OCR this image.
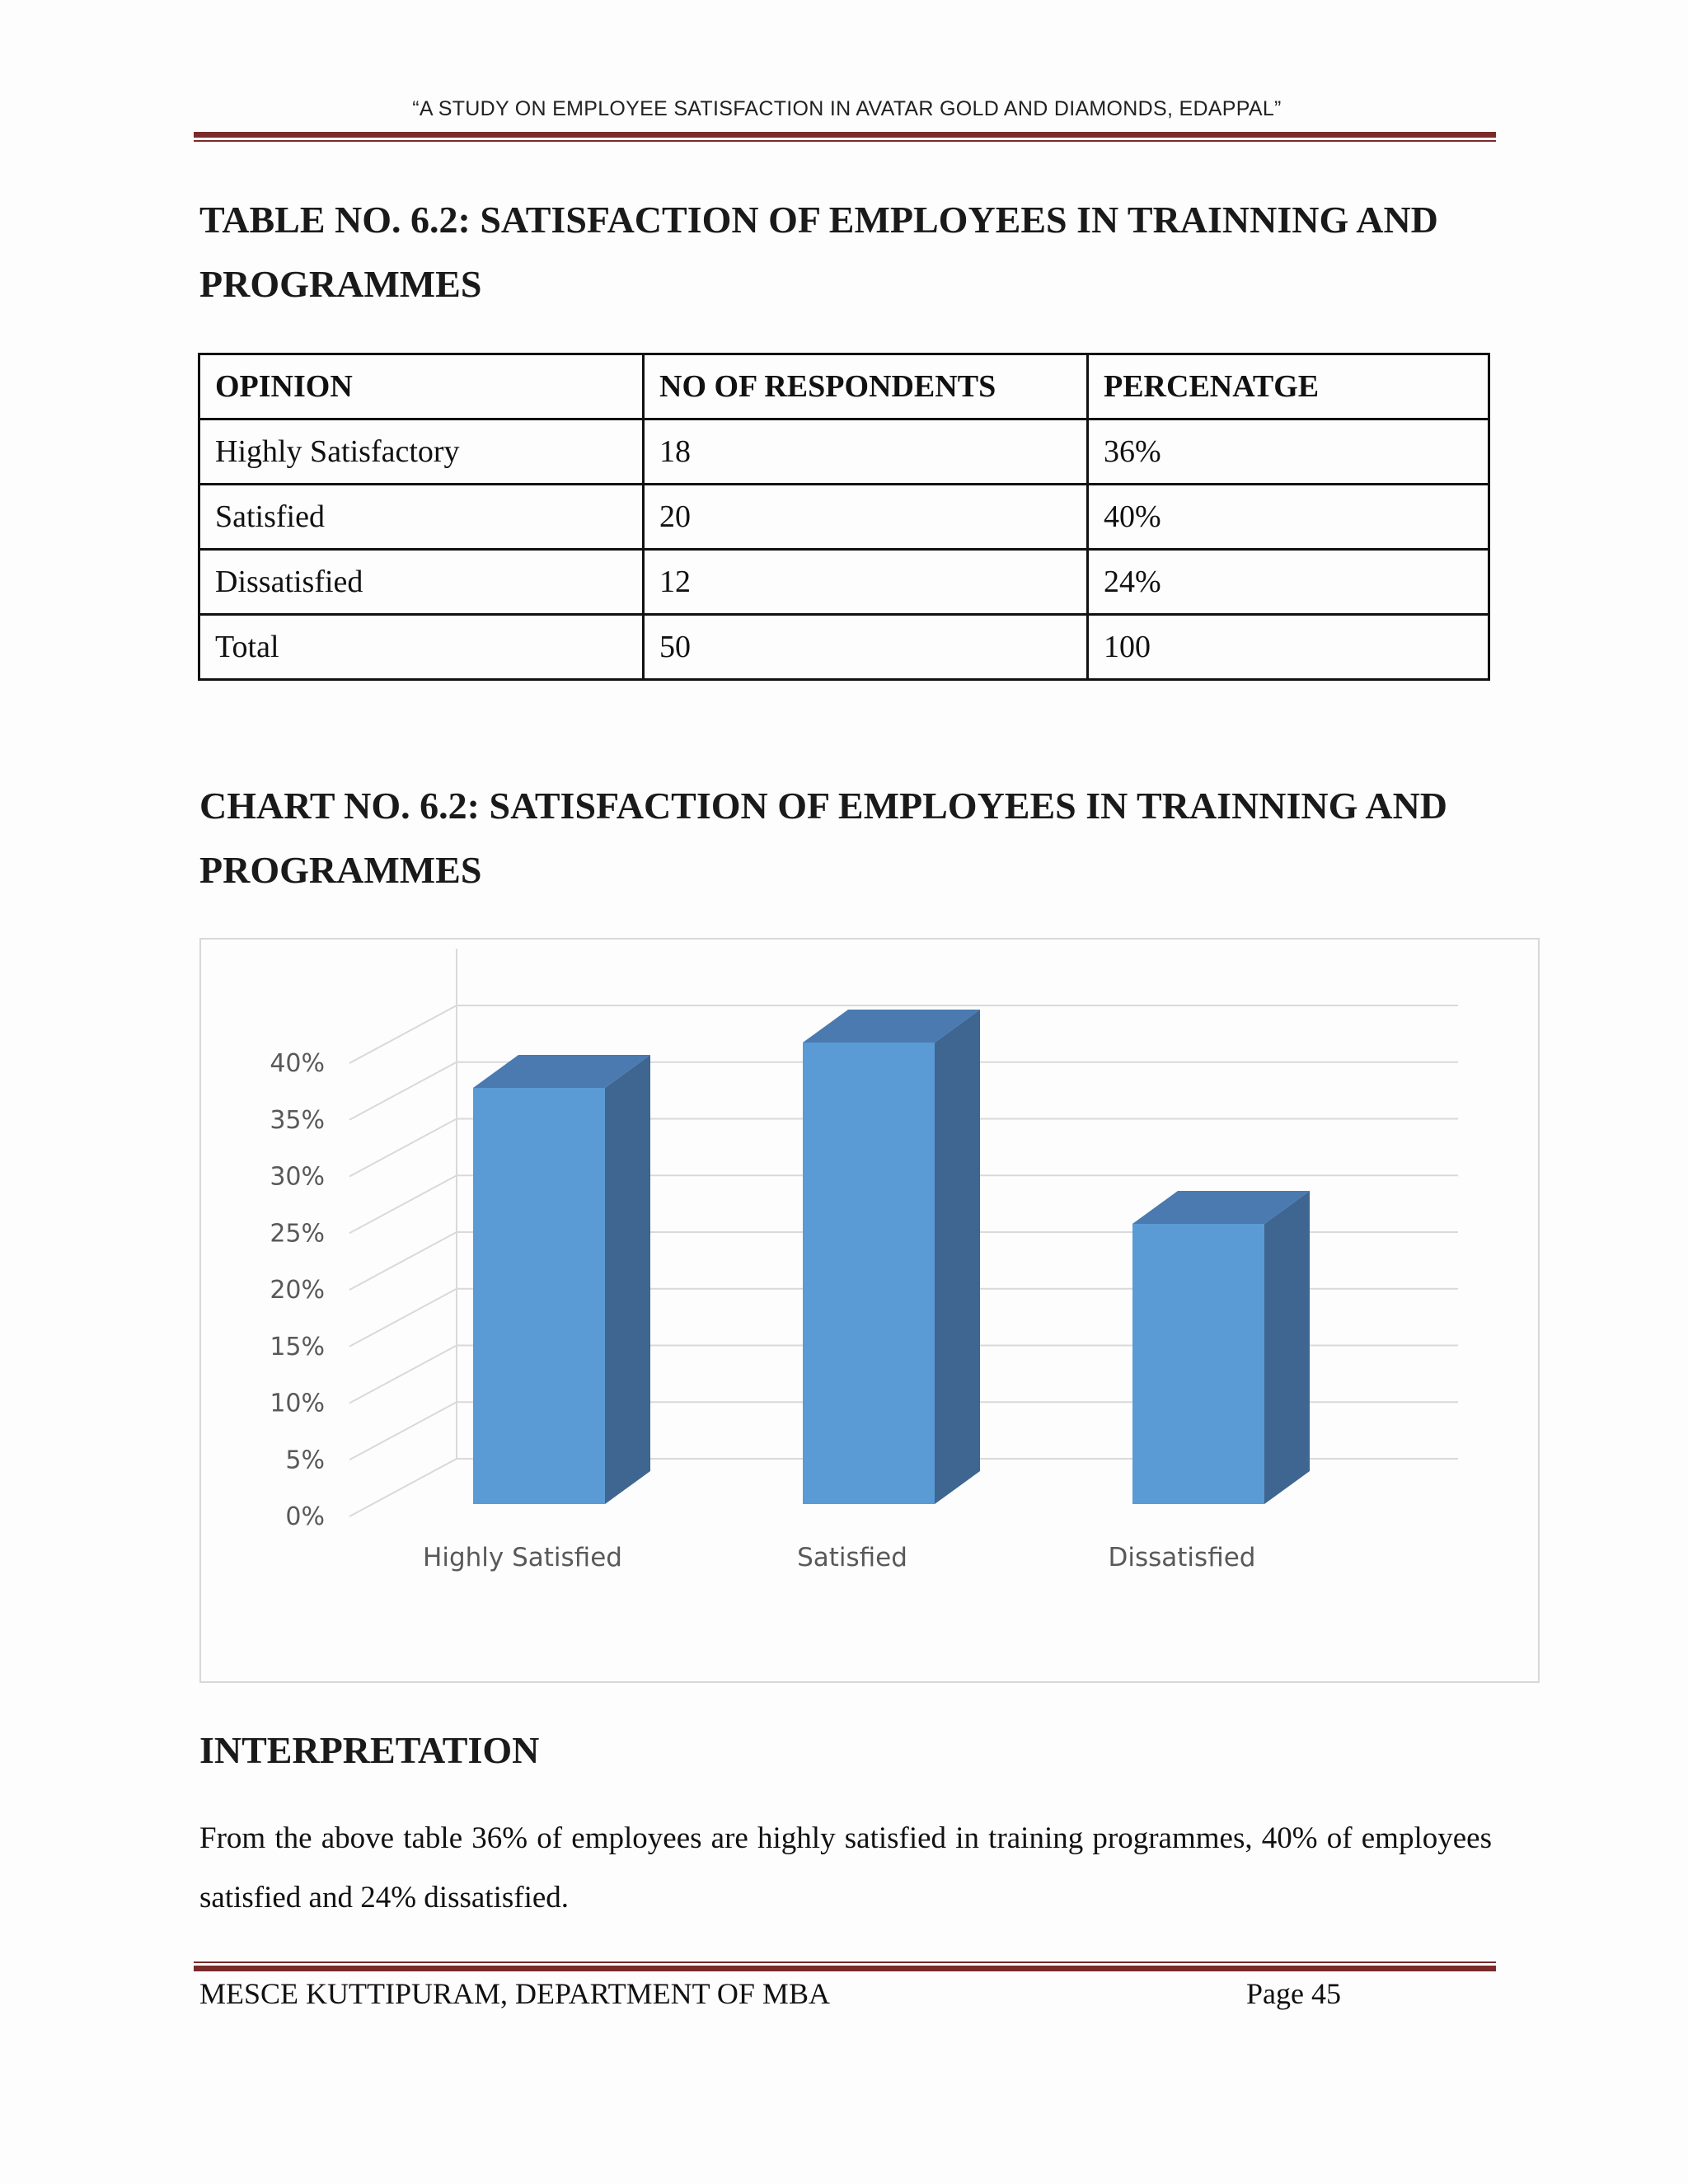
“A STUDY ON EMPLOYEE SATISFACTION IN AVATAR GOLD AND DIAMONDS, EDAPPAL”
TABLE NO. 6.2: SATISFACTION OF EMPLOYEES IN TRAINNING AND PROGRAMMES
OPINION	NO OF RESPONDENTS	PERCENATGE
Highly Satisfactory	18	36%
Satisfied	20	40%
Dissatisfied	12	24%
Total	50	100
CHART NO. 6.2: SATISFACTION OF EMPLOYEES IN TRAINNING AND PROGRAMMES
0%
5%
10%
15%
20%
25%
30%
35%
40%
Highly Satisfied	Satisfied	Dissatisfied
INTERPRETATION

From the above table 36% of employees are highly satisfied in training programmes, 40% of employees satisfied and 24% dissatisfied.

MESCE KUTTIPURAM, DEPARTMENT OF MBA	Page 45
